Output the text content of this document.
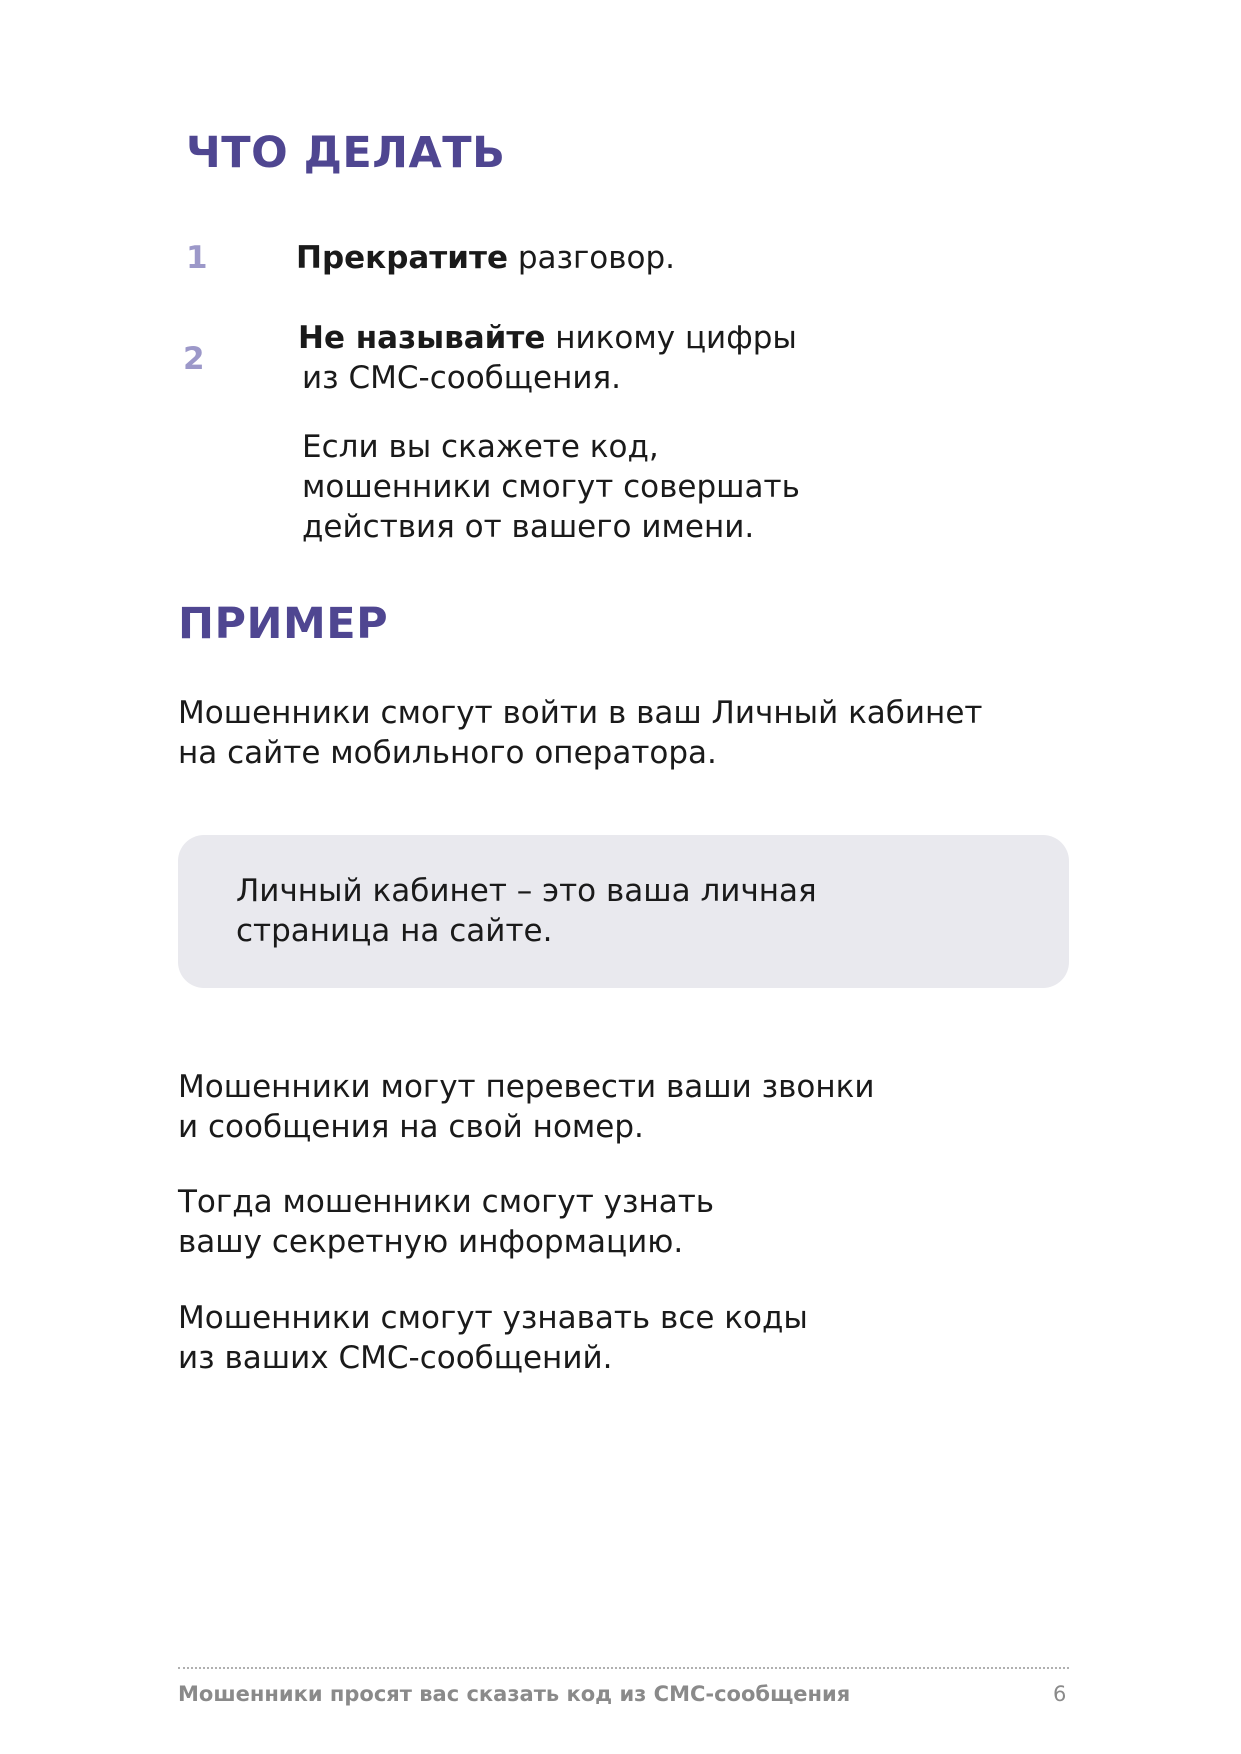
ЧТО ДЕЛАТЬ
1	Прекратите разговор.
2
Не называйте никому цифры
из СМС-сообщения.
Если вы скажете код,
мошенники смогут совершать
действия от вашего имени.
ПРИМЕР
Мошенники смогут войти в ваш Личный кабинет
на сайте мобильного оператора.
Личный кабинет – это ваша личная
страница на сайте.
Мошенники могут перевести ваши звонки
и сообщения на свой номер.
Тогда мошенники смогут узнать
вашу секретную информацию.
Мошенники смогут узнавать все коды
из ваших СМС-сообщений.
Мошенники просят вас сказать код из СМС-сообщения	6
